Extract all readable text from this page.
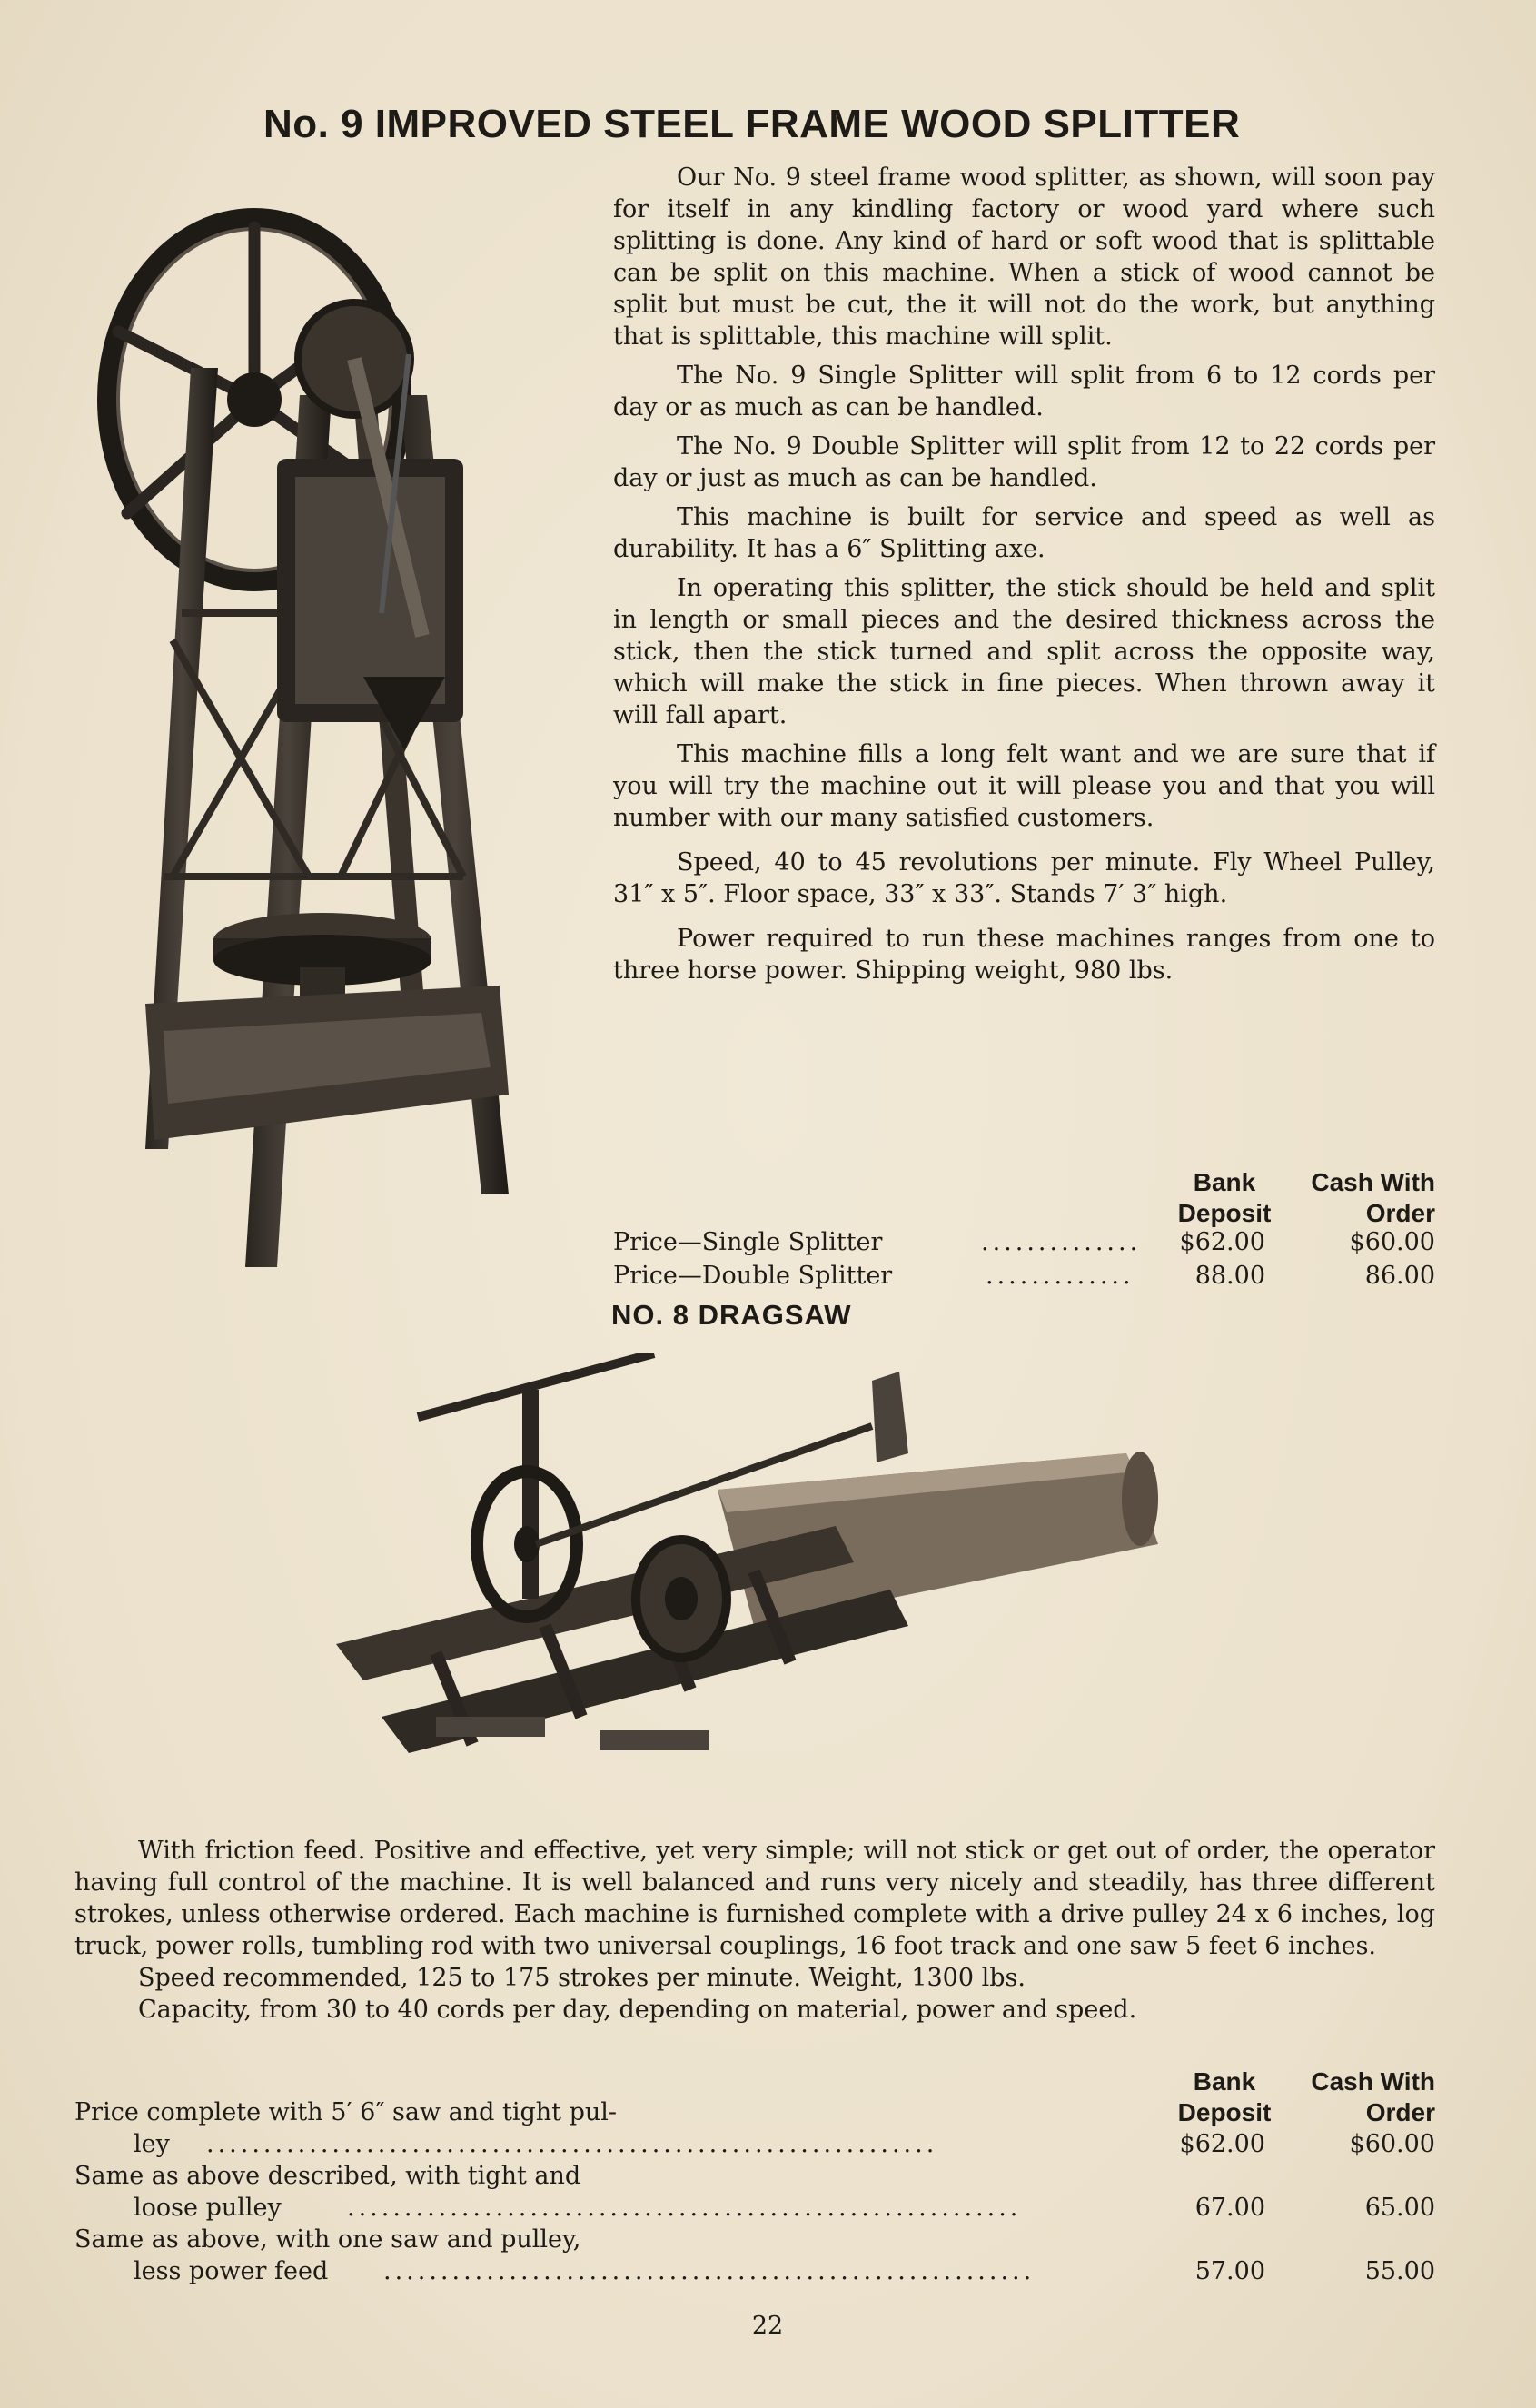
No. 9 IMPROVED STEEL FRAME WOOD SPLITTER

Our No. 9 steel frame wood splitter, as shown, will soon pay for itself in any kindling factory or wood yard where such splitting is done. Any kind of hard or soft wood that is splittable can be split on this machine. When a stick of wood cannot be split but must be cut, the⁠⁠ it will not do the work, but anything that is splittable, this machine will split.

The No. 9 Single Splitter will split from 6 to 12 cords per day or as much as can be handled.

The No. 9 Double Splitter will split from 12 to 22 cords per day or just as much as can be handled.

This machine is built for service and speed as well as durability. It has a 6″ Splitting axe.

In operating this splitter, the stick should be held and split in length or small pieces and the desired thickness across the stick, then the stick turned and split across the opposite way, which will make the stick in fine pieces. When thrown away it will fall apart.

This machine fills a long felt want and we are sure that if you will try the machine out it will please you and that you will number with our many satisfied customers.

Speed, 40 to 45 revolutions per minute. Fly Wheel Pulley, 31″ x 5″. Floor space, 33″ x 33″. Stands 7′ 3″ high.

Power required to run these machines ranges from one to three horse power. Shipping weight, 980 lbs.

Bank Deposit
Cash With Order
Price—Single Splitter	..............	$62.00	$60.00
Price—Double Splitter	.............	88.00	86.00
NO. 8 DRAGSAW

With friction feed. Positive and effective, yet very simple; will not stick or get out of order, the operator having full control of the machine. It is well balanced and runs very nicely and steadily, has three different strokes, unless otherwise ordered. Each machine is furnished complete with a drive pulley 24 x 6 inches, log truck, power rolls, tumbling rod with two universal couplings, 16 foot track and one saw 5 feet 6 inches.

Speed recommended, 125 to 175 strokes per minute. Weight, 1300 lbs.

Capacity, from 30 to 40 cords per day, depending on material, power and speed.

Bank Deposit
Cash With Order
Price complete with 5′ 6″ saw and tight pul-
ley ................................................................	$62.00	$60.00
Same as above described, with tight and
loose pulley	...........................................................	67.00	65.00
Same as above, with one saw and pulley,
less power feed .........................................................	57.00	55.00
22
